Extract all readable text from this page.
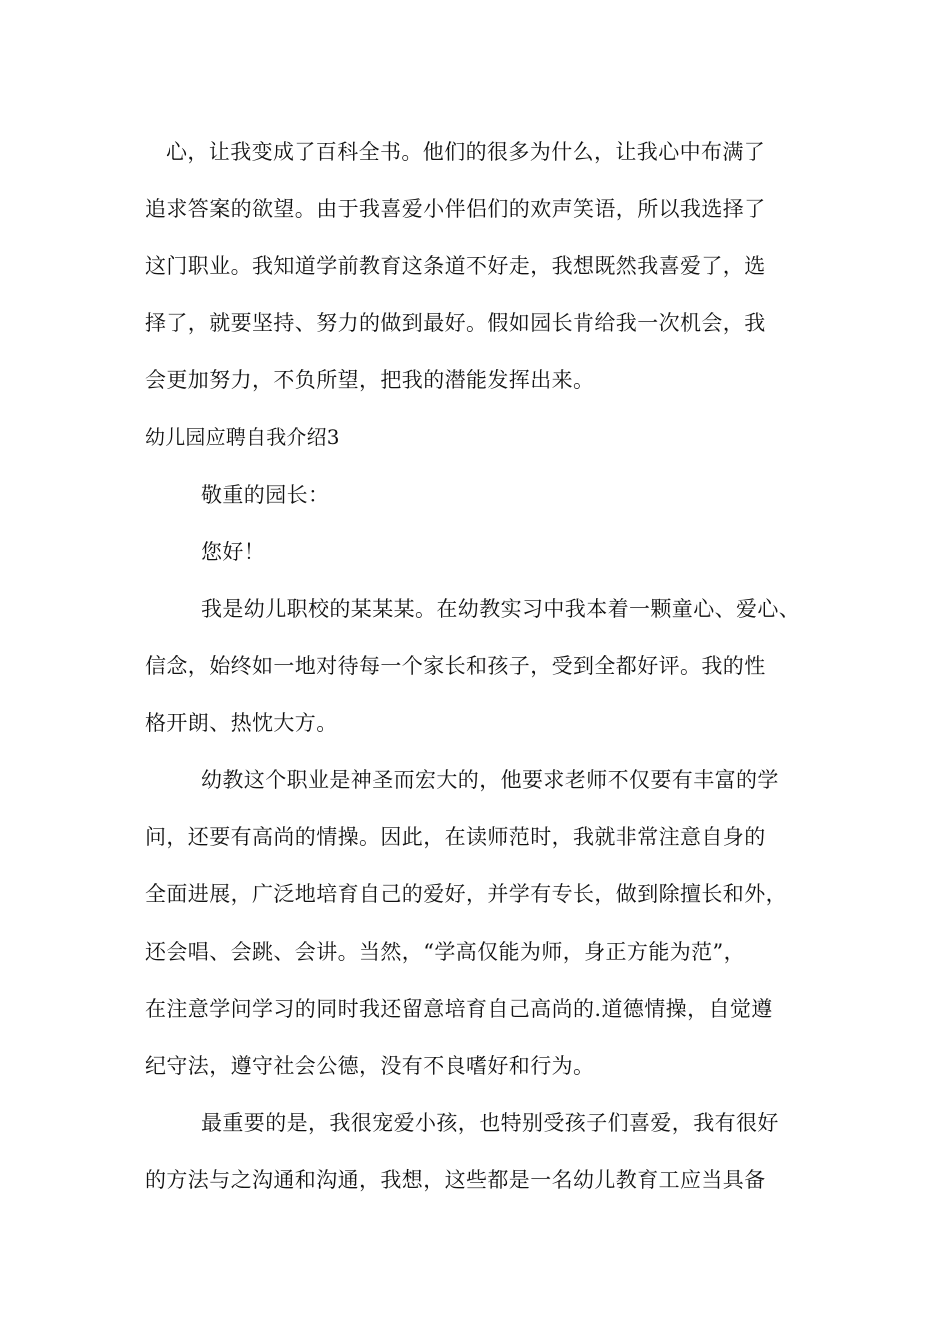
心，让我变成了百科全书。他们的很多为什么，让我心中布满了
追求答案的欲望。由于我喜爱小伴侣们的欢声笑语，所以我选择了
这门职业。我知道学前教育这条道不好走，我想既然我喜爱了，选
择了，就要坚持、努力的做到最好。假如园长肯给我一次机会，我
会更加努力，不负所望，把我的潜能发挥出来。
幼儿园应聘自我介绍3
敬重的园长：
您好！
我是幼儿职校的某某某。在幼教实习中我本着一颗童心、爱心、
信念，始终如一地对待每一个家长和孩子，受到全都好评。我的性
格开朗、热忱大方。
幼教这个职业是神圣而宏大的，他要求老师不仅要有丰富的学
问，还要有高尚的情操。因此，在读师范时，我就非常注意自身的
全面进展，广泛地培育自己的爱好，并学有专长，做到除擅长和外，
还会唱、会跳、会讲。当然，“学高仅能为师，身正方能为范”，
在注意学问学习的同时我还留意培育自己高尚的.道德情操，自觉遵
纪守法，遵守社会公德，没有不良嗜好和行为。
最重要的是，我很宠爱小孩，也特别受孩子们喜爱，我有很好
的方法与之沟通和沟通，我想，这些都是一名幼儿教育工应当具备
